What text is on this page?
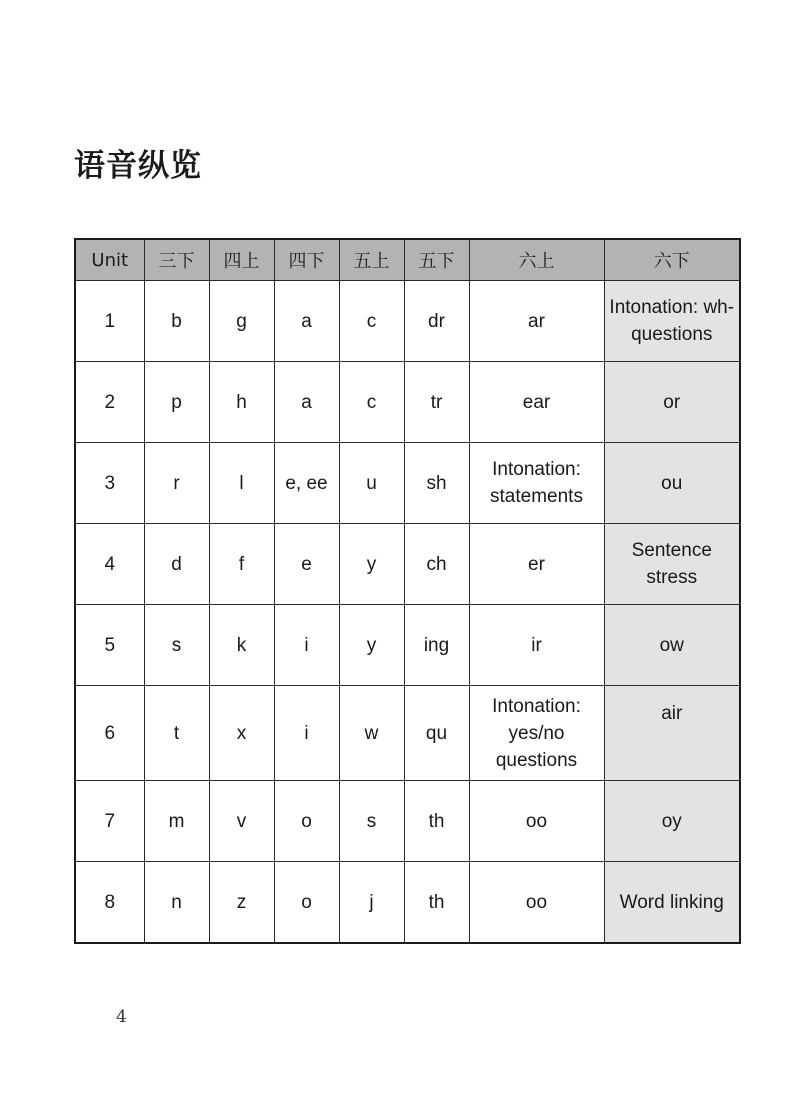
语音纵览
Unit	三下	四上	四下	五上	五下	六上	六下
1	b	g	a	c	dr	ar	Intonation: wh-questions
2	p	h	a	c	tr	ear	or
3	r	l	e, ee	u	sh	Intonation: statements	ou
4	d	f	e	y	ch	er	Sentence stress
5	s	k	i	y	ing	ir	ow
6	t	x	i	w	qu	Intonation: yes/no questions	air
7	m	v	o	s	th	oo	oy
8	n	z	o	j	th	oo	Word linking
4
